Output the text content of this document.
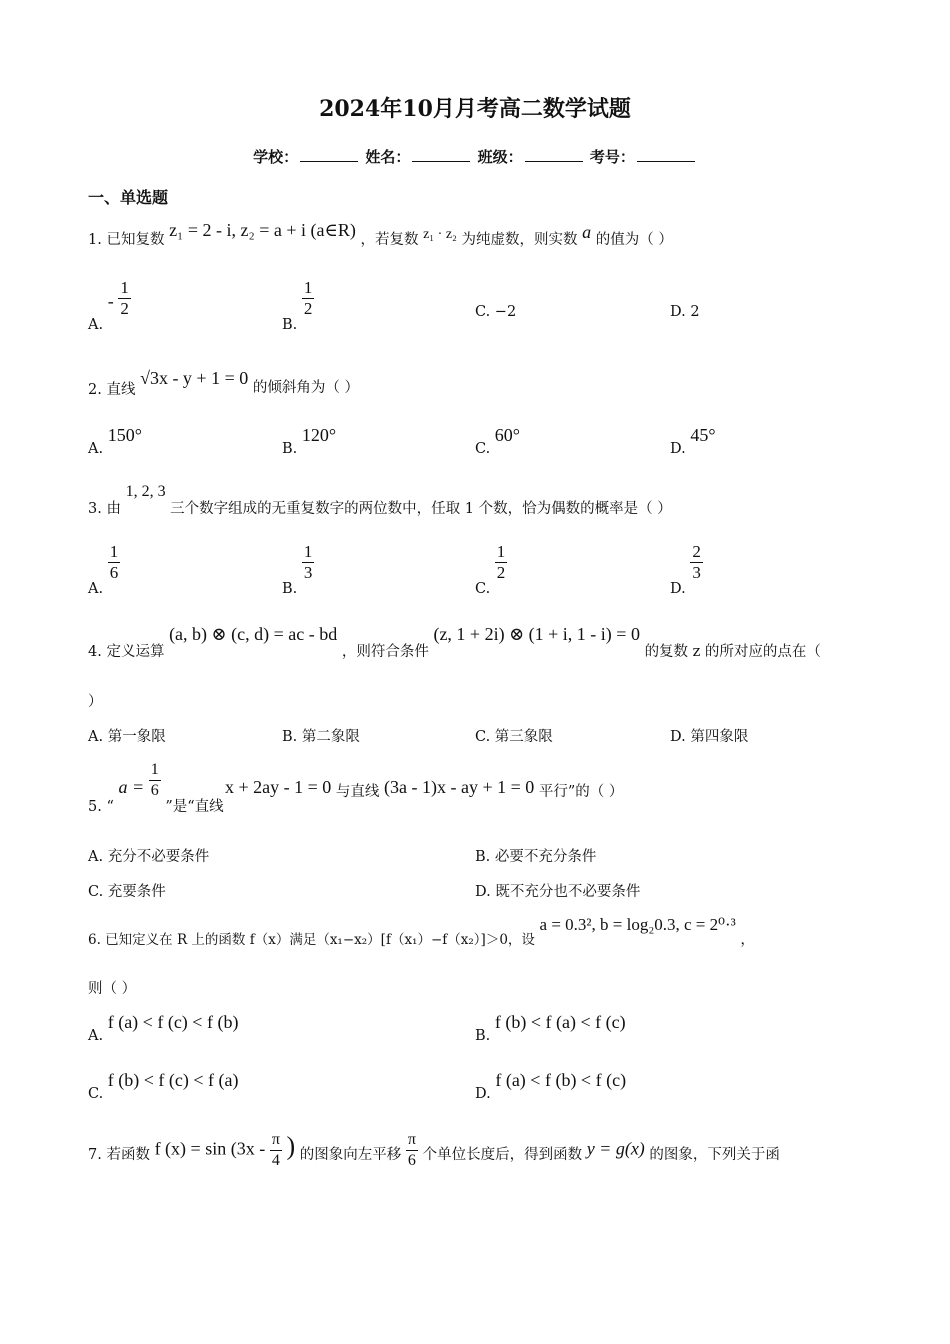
2024年10月月考高二数学试题
学校：	姓名：	班级：	考号：
一、单选题
1. 已知复数 z₁ = 2 - i, z₂ = a + i (a∈R) ，若复数 z₁ · z₂ 为纯虚数，则实数 a 的值为（ ）
A. - $\frac{1}{2}$
B.
$\frac{1}{2}$	C. −2	D. 2
2. 直线 √3x - y + 1 = 0 的倾斜角为（ ）
A. 150°
B. 120°
C. 60°
D. 45°
3. 由 1, 2, 3 三个数字组成的无重复数字的两位数中，任取 1 个数，恰为偶数的概率是（ ）
A.
$\frac{1}{6}$
B.
$\frac{1}{3}$
C.
$\frac{1}{2}$
D.
$\frac{2}{3}$
4. 定义运算 (a, b) ⊗ (c, d) = ac - bd ，则符合条件 (z, 1 + 2i) ⊗ (1 + i, 1 - i) = 0 的复数 z 的所对应的点在（
）
A. 第一象限	B. 第二象限	C. 第三象限	D. 第四象限
5. “ $a = \frac{1}{6}$
”是“直线
x + 2ay - 1 = 0 与直线 (3a - 1)x - ay + 1 = 0 平行”的（ ）
A. 充分不必要条件	B. 必要不充分条件
C. 充要条件	D. 既不充分也不必要条件
6. 已知定义在 R 上的函数 f（x）满足（x₁−x₂）[f（x₁）−f（x₂）]＞0，设 a = 0.3², b = log₂0.3, c = 2⁰·³ ，
则（ ）
A. f (a) < f (c) < f (b)
B. f (b) < f (a) < f (c)
C. f (b) < f (c) < f (a)
D. f (a) < f (b) < f (c)
7. 若函数 f $(x) = \sin (3x - \frac{\pi}{4}$ ) 的图象向左平移 $\frac{\pi}{6}$ 个单位长度后，得到函数 y = g(x) 的图象，下列关于函
